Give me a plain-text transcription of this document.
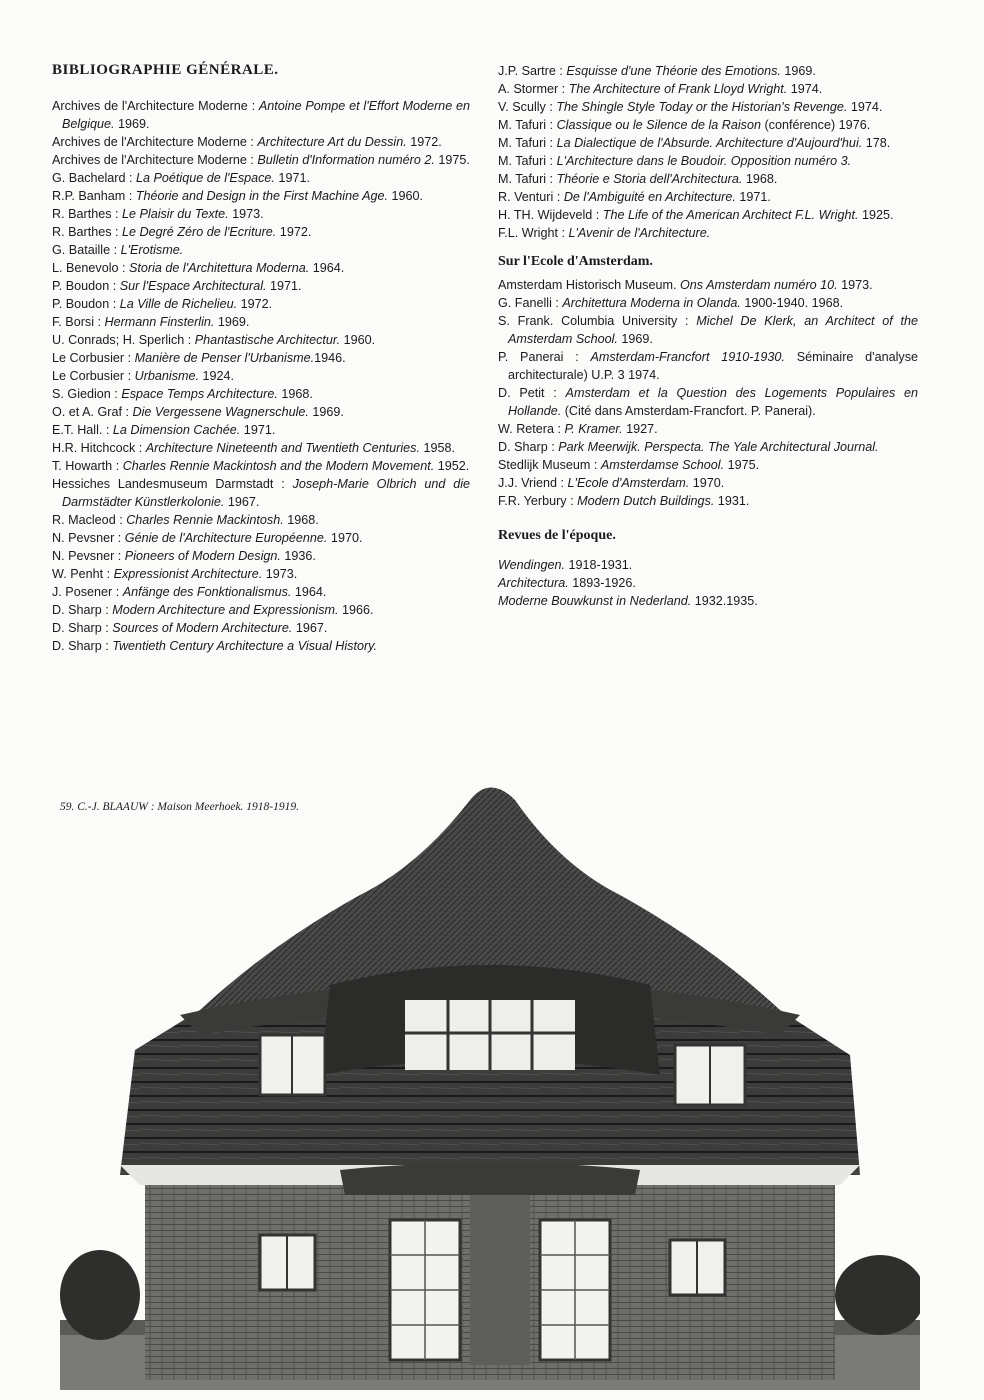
BIBLIOGRAPHIE GÉNÉRALE.

Archives de l'Architecture Moderne : Antoine Pompe et l'Effort Moderne en Belgique. 1969.

Archives de l'Architecture Moderne : Architecture Art du Dessin. 1972.

Archives de l'Architecture Moderne : Bulletin d'Information numéro 2. 1975.

G. Bachelard : La Poétique de l'Espace. 1971.

R.P. Banham : Théorie and Design in the First Machine Age. 1960.

R. Barthes : Le Plaisir du Texte. 1973.

R. Barthes : Le Degré Zéro de l'Ecriture. 1972.

G. Bataille : L'Erotisme.

L. Benevolo : Storia de l'Architettura Moderna. 1964.

P. Boudon : Sur l'Espace Architectural. 1971.

P. Boudon : La Ville de Richelieu. 1972.

F. Borsi : Hermann Finsterlin. 1969.

U. Conrads; H. Sperlich : Phantastische Architectur. 1960.

Le Corbusier : Manière de Penser l'Urbanisme.1946.

Le Corbusier : Urbanisme. 1924.

S. Giedion : Espace Temps Architecture. 1968.

O. et A. Graf : Die Vergessene Wagnerschule. 1969.

E.T. Hall. : La Dimension Cachée. 1971.

H.R. Hitchcock : Architecture Nineteenth and Twentieth Centuries. 1958.

T. Howarth : Charles Rennie Mackintosh and the Modern Movement. 1952.

Hessiches Landesmuseum Darmstadt : Joseph-Marie Olbrich und die Darmstädter Künstlerkolonie. 1967.

R. Macleod : Charles Rennie Mackintosh. 1968.

N. Pevsner : Génie de l'Architecture Européenne. 1970.

N. Pevsner : Pioneers of Modern Design. 1936.

W. Penht : Expressionist Architecture. 1973.

J. Posener : Anfänge des Fonktionalismus. 1964.

D. Sharp : Modern Architecture and Expressionism. 1966.

D. Sharp : Sources of Modern Architecture. 1967.

D. Sharp : Twentieth Century Architecture a Visual History.

J.P. Sartre : Esquisse d'une Théorie des Emotions. 1969.

A. Stormer : The Architecture of Frank Lloyd Wright. 1974.

V. Scully : The Shingle Style Today or the Historian's Revenge. 1974.

M. Tafuri : Classique ou le Silence de la Raison (conférence) 1976.

M. Tafuri : La Dialectique de l'Absurde. Architecture d'Aujourd'hui. 178.

M. Tafuri : L'Architecture dans le Boudoir. Opposition numéro 3.

M. Tafuri : Théorie e Storia dell'Architectura. 1968.

R. Venturi : De l'Ambiguité en Architecture. 1971.

H. TH. Wijdeveld : The Life of the American Architect F.L. Wright. 1925.

F.L. Wright : L'Avenir de l'Architecture.

Sur l'Ecole d'Amsterdam.

Amsterdam Historisch Museum. Ons Amsterdam numéro 10. 1973.

G. Fanelli : Architettura Moderna in Olanda. 1900-1940. 1968.

S. Frank. Columbia University : Michel De Klerk, an Architect of the Amsterdam School. 1969.

P. Panerai : Amsterdam-Francfort 1910-1930. Séminaire d'analyse architecturale) U.P. 3 1974.

D. Petit : Amsterdam et la Question des Logements Populaires en Hollande. (Cité dans Amsterdam-Francfort. P. Panerai).

W. Retera : P. Kramer. 1927.

D. Sharp : Park Meerwijk. Perspecta. The Yale Architectural Journal.

Stedlijk Museum : Amsterdamse School. 1975.

J.J. Vriend : L'Ecole d'Amsterdam. 1970.

F.R. Yerbury : Modern Dutch Buildings. 1931.

Revues de l'époque.

Wendingen. 1918-1931.

Architectura. 1893-1926.

Moderne Bouwkunst in Nederland. 1932.1935.

59. C.-J. BLAAUW : Maison Meerhoek. 1918-1919.
